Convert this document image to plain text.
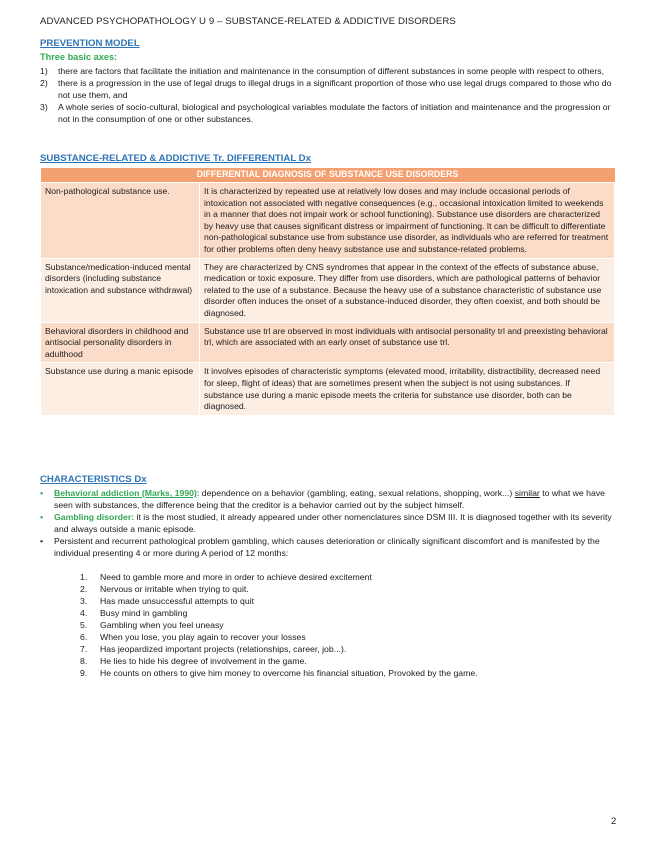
ADVANCED PSYCHOPATHOLOGY U 9 – SUBSTANCE-RELATED & ADDICTIVE DISORDERS
PREVENTION MODEL
Three basic axes:
1)	there are factors that facilitate the initiation and maintenance in the consumption of different substances in some people with respect to others,
2)	there is a progression in the use of legal drugs to illegal drugs in a significant proportion of those who use legal drugs compared to those who do not use them, and
3)	A whole series of socio-cultural, biological and psychological variables modulate the factors of initiation and maintenance and the progression or not in the consumption of one or other substances.
SUBSTANCE-RELATED & ADDICTIVE Tr. DIFFERENTIAL Dx
DIFFERENTIAL DIAGNOSIS OF SUBSTANCE USE DISORDERS	
Non-pathological substance use.	It is characterized by repeated use at relatively low doses and may include occasional periods of intoxication not associated with negative consequences (e.g., occasional intoxication limited to weekends in a manner that does not impair work or school functioning). Substance use disorders are characterized by heavy use that causes significant distress or impairment of functioning. It can be difficult to differentiate non-pathological substance use from substance use disorder, as individuals who are referred for treatment for other problems often deny heavy substance use and substance-related problems.
Substance/medication-induced mental disorders (including substance intoxication and substance withdrawal)	They are characterized by CNS syndromes that appear in the context of the effects of substance abuse, medication or toxic exposure. They differ from use disorders, which are pathological patterns of behavior related to the use of a substance. Because the heavy use of a substance characteristic of substance use disorder often induces the onset of a substance-induced disorder, they often coexist, and both should be diagnosed.
Behavioral disorders in childhood and antisocial personality disorders in adulthood	Substance use trl are observed in most individuals with antisocial personality trl and preexisting behavioral trl, which are associated with an early onset of substance use trl.
Substance use during a manic episode	It involves episodes of characteristic symptoms (elevated mood, irritability, distractibility, decreased need for sleep, flight of ideas) that are sometimes present when the subject is not using substances. If substance use during a manic episode meets the criteria for substance use disorder, both can be diagnosed.
CHARACTERISTICS Dx
•	Behavioral addiction (Marks, 1990): dependence on a behavior (gambling, eating, sexual relations, shopping, work...) similar to what we have seen with substances, the difference being that the creditor is a behavior carried out by the subject himself.
•	Gambling disorder: it is the most studied, it already appeared under other nomenclatures since DSM III. It is diagnosed together with its severity and always outside a manic episode.
•	Persistent and recurrent pathological problem gambling, which causes deterioration or clinically significant discomfort and is manifested by the individual presenting 4 or more during A period of 12 months:
1.	Need to gamble more and more in order to achieve desired excitement
2.	Nervous or irritable when trying to quit.
3.	Has made unsuccessful attempts to quit
4.	Busy mind in gambling
5.	Gambling when you feel uneasy
6.	When you lose, you play again to recover your losses
7.	Has jeopardized important projects (relationships, career, job...).
8.	He lies to hide his degree of involvement in the game.
9.	He counts on others to give him money to overcome his financial situation, Provoked by the game.
2
